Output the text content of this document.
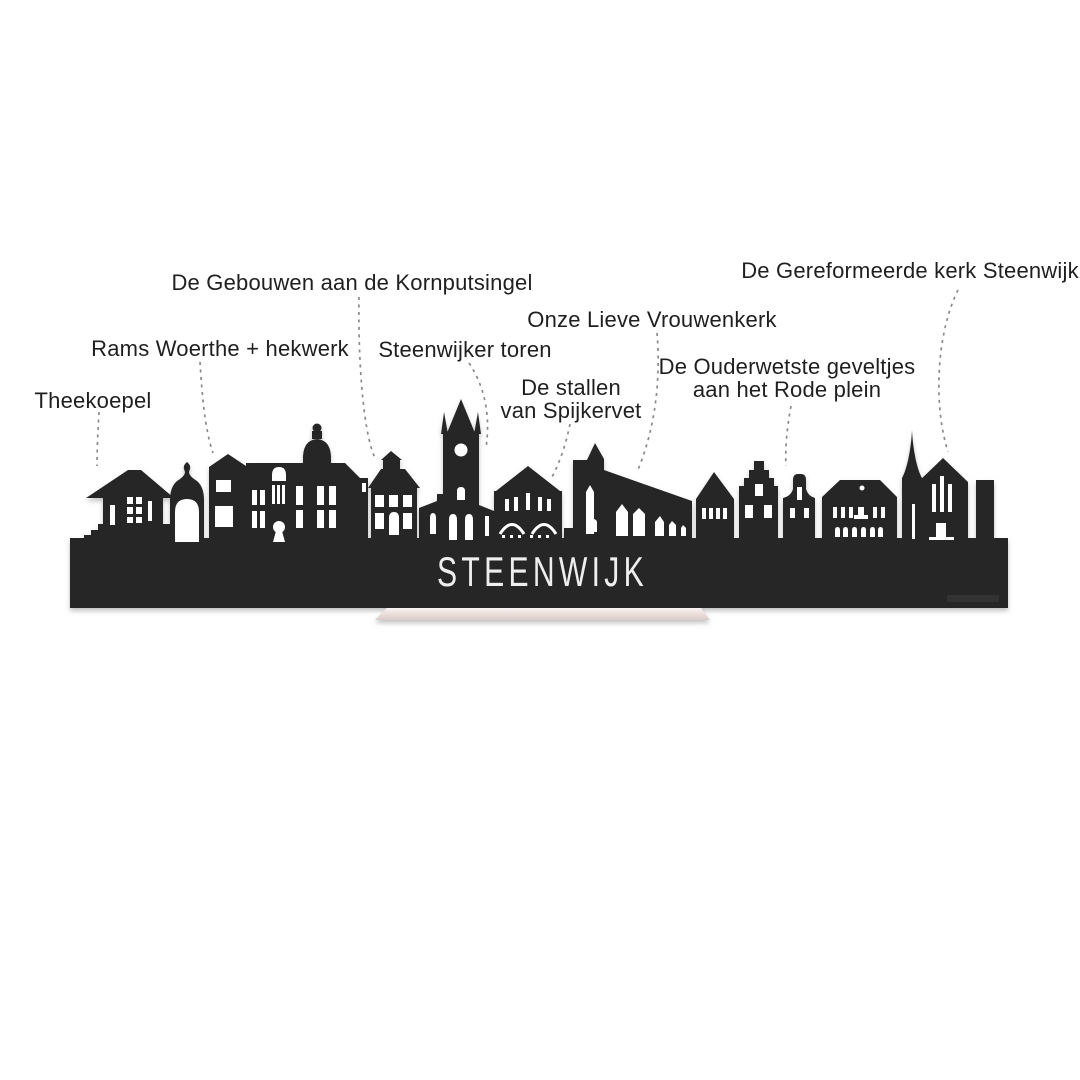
STEENWIJK
Theekoepel
Rams Woerthe + hekwerk
De Gebouwen aan de Kornputsingel
Steenwijker toren
De stallen
van Spijkervet
Onze Lieve Vrouwenkerk
De Ouderwetste geveltjes
aan het Rode plein
De Gereformeerde kerk Steenwijk
